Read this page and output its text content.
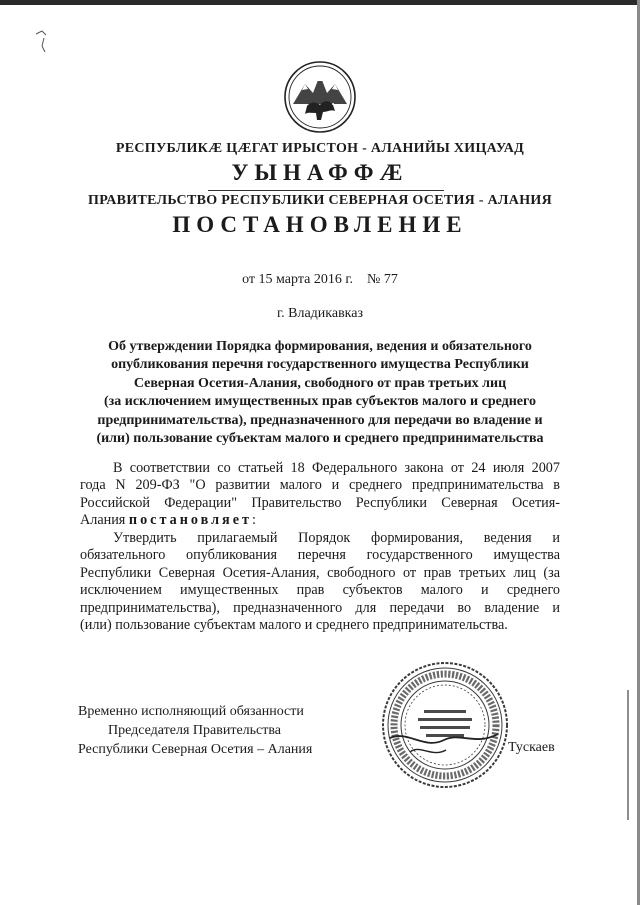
РЕСПУБЛИКӔ ЦӔГАТ ИРЫСТОН - АЛАНИЙЫ ХИЦАУАД
УЫНАФФӔ
ПРАВИТЕЛЬСТВО РЕСПУБЛИКИ СЕВЕРНАЯ ОСЕТИЯ - АЛАНИЯ
ПОСТАНОВЛЕНИЕ
от 15 марта 2016 г. № 77
г. Владикавказ
Об утверждении Порядка формирования, ведения и обязательного
опубликования перечня государственного имущества Республики
Северная Осетия-Алания, свободного от прав третьих лиц
(за исключением имущественных прав субъектов малого и среднего
предпринимательства), предназначенного для передачи во владение и
(или) пользование субъектам малого и среднего предпринимательства
В соответствии со статьей 18 Федерального закона от 24 июля 2007
года N 209-ФЗ "О развитии малого и среднего предпринимательства в
Российской Федерации" Правительство Республики Северная Осетия-
Алания постановляет:
Утвердить прилагаемый Порядок формирования, ведения и
обязательного опубликования перечня государственного имущества
Республики Северная Осетия-Алания, свободного от прав третьих лиц (за
исключением имущественных прав субъектов малого и среднего
предпринимательства), предназначенного для передачи во владение и
(или) пользование субъектам малого и среднего предпринимательства.
Временно исполняющий обязанности
Председателя Правительства
Республики Северная Осетия – Алания	Тускаев
